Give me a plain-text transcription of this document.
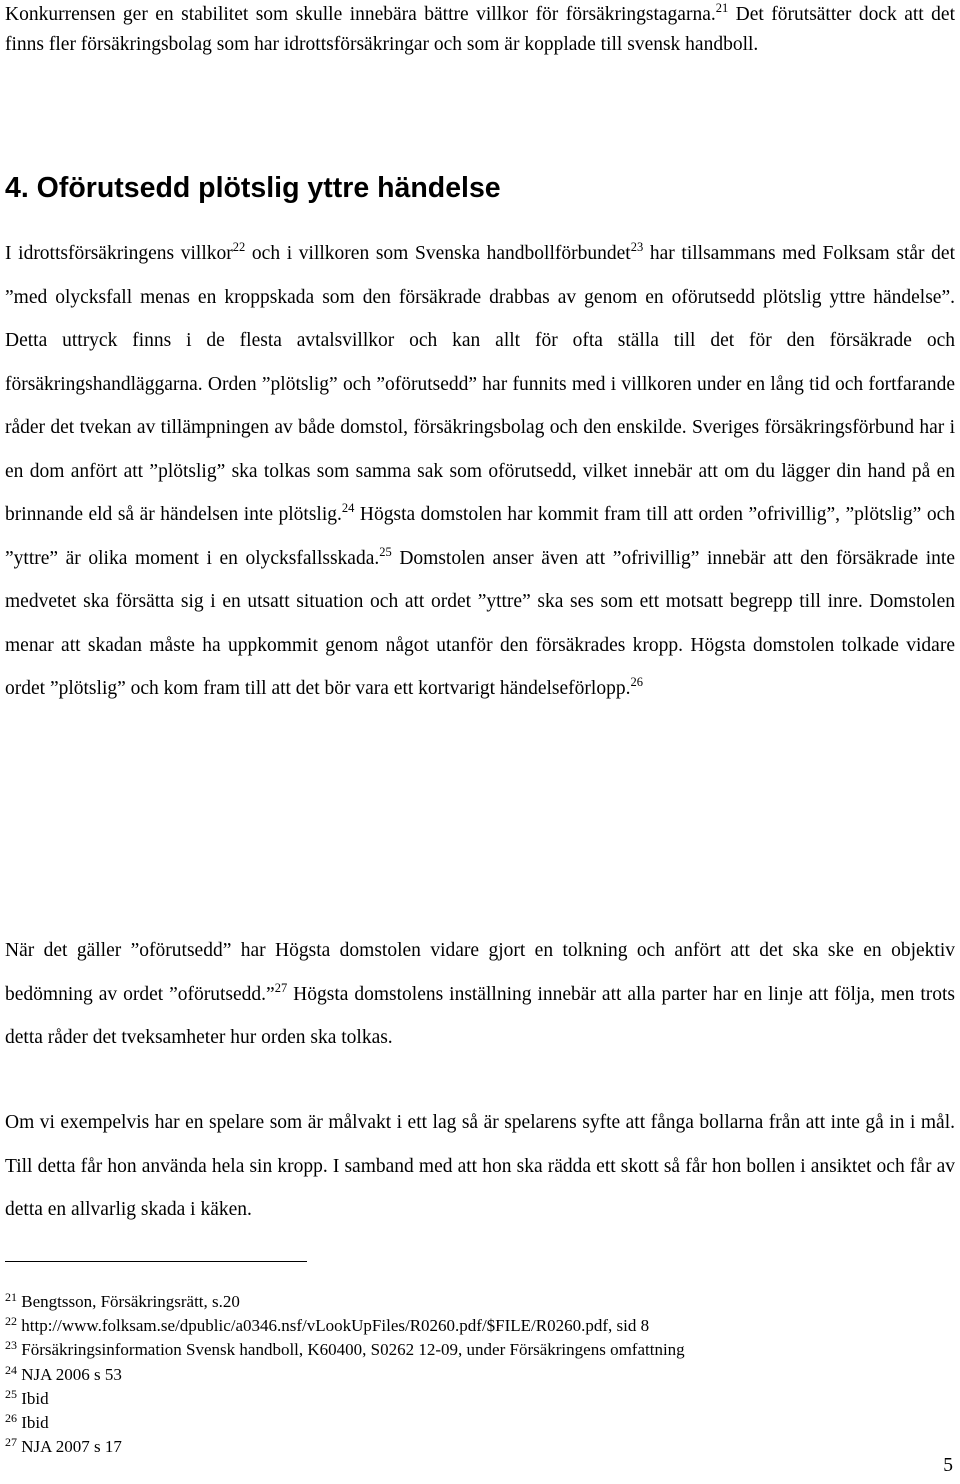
Konkurrensen ger en stabilitet som skulle innebära bättre villkor för försäkringstagarna.$^{21}$ Det förutsätter dock att det finns fler försäkringsbolag som har idrottsförsäkringar och som är kopplade till svensk handboll.

4. Oförutsedd plötslig yttre händelse

I idrottsförsäkringens villkor$^{22}$ och i villkoren som Svenska handbollförbundet$^{23}$ har tillsammans med Folksam står det ”med olycksfall menas en kroppskada som den försäkrade drabbas av genom en oförutsedd plötslig yttre händelse”. Detta uttryck finns i de flesta avtalsvillkor och kan allt för ofta ställa till det för den försäkrade och försäkringshandläggarna. Orden ”plötslig” och ”oförutsedd” har funnits med i villkoren under en lång tid och fortfarande råder det tvekan av tillämpningen av både domstol, försäkringsbolag och den enskilde. Sveriges försäkringsförbund har i en dom anfört att ”plötslig” ska tolkas som samma sak som oförutsedd, vilket innebär att om du lägger din hand på en brinnande eld så är händelsen inte plötslig.$^{24}$ Högsta domstolen har kommit fram till att orden ”ofrivillig”, ”plötslig” och ”yttre” är olika moment i en olycksfallsskada.$^{25}$ Domstolen anser även att ”ofrivillig” innebär att den försäkrade inte medvetet ska försätta sig i en utsatt situation och att ordet ”yttre” ska ses som ett motsatt begrepp till inre. Domstolen menar att skadan måste ha uppkommit genom något utanför den försäkrades kropp. Högsta domstolen tolkade vidare ordet ”plötslig” och kom fram till att det bör vara ett kortvarigt händelseförlopp.$^{26}$

När det gäller ”oförutsedd” har Högsta domstolen vidare gjort en tolkning och anfört att det ska ske en objektiv bedömning av ordet ”oförutsedd.”$^{27}$ Högsta domstolens inställning innebär att alla parter har en linje att följa, men trots detta råder det tveksamheter hur orden ska tolkas.

Om vi exempelvis har en spelare som är målvakt i ett lag så är spelarens syfte att fånga bollarna från att inte gå in i mål. Till detta får hon använda hela sin kropp. I samband med att hon ska rädda ett skott så får hon bollen i ansiktet och får av detta en allvarlig skada i käken.

$^{21}$ Bengtsson, Försäkringsrätt, s.20

$^{22}$ http://www.folksam.se/dpublic/a0346.nsf/vLookUpFiles/R0260.pdf/$FILE/R0260.pdf, sid 8

$^{23}$ Försäkringsinformation Svensk handboll, K60400, S0262 12-09, under Försäkringens omfattning

$^{24}$ NJA 2006 s 53

$^{25}$ Ibid

$^{26}$ Ibid

$^{27}$ NJA 2007 s 17

5
